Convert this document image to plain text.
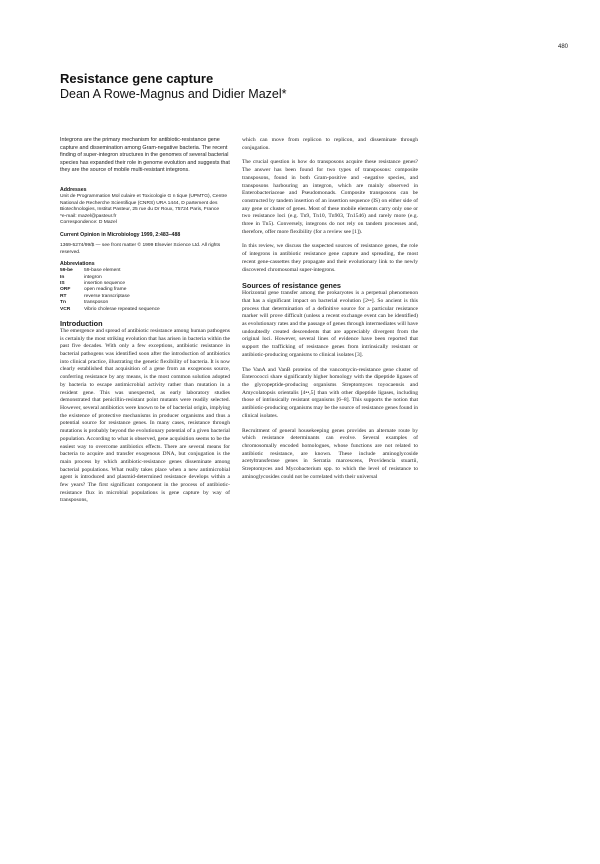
480
Resistance gene capture

Dean A Rowe-Magnus and Didier Mazel*

Integrons are the primary mechanism for antibiotic-resistance gene capture and dissemination among Gram-negative bacteria. The recent finding of super-integron structures in the genomes of several bacterial species has expanded their role in genome evolution and suggests that they are the source of mobile multi-resistant integrons.

Addresses

Unit de Programmation Mol culaire et Toxicologie G n tique (UPMTG), Centre National de Recherche Scientifique (CNRS) URA 1444, D partement des Biotechnologies, Institut Pasteur, 25 rue du Dr Roux, 75724 Paris, France

*e-mail: mazel@pasteur.fr

Correspondence: D Mazel

Current Opinion in Microbiology 1999, 2:483–488

1369-5274/99/$ — see front matter © 1999 Elsevier Science Ltd. All rights reserved.

Abbreviations

59-be	59-base element
In	integron
IS	insertion sequence
ORF	open reading frame
RT	reverse transcriptase
Tn	transposon
VCR	Vibrio cholerae repeated sequence
Introduction

The emergence and spread of antibiotic resistance among human pathogens is certainly the most striking evolution that has arisen in bacteria within the past five decades. With only a few exceptions, antibiotic resistance in bacterial pathogens was identified soon after the introduction of antibiotics into clinical practice, illustrating the genetic flexibility of bacteria. It is now clearly established that acquisition of a gene from an exogenous source, conferring resistance by any means, is the most common solution adopted by bacteria to escape antimicrobial activity rather than mutation in a resident gene. This was unexpected, as early laboratory studies demonstrated that penicillin-resistant point mutants were readily selected. However, several antibiotics were known to be of bacterial origin, implying the existence of protective mechanisms in producer organisms and thus a potential source for resistance genes. In many cases, resistance through mutations is probably beyond the evolutionary potential of a given bacterial population. According to what is observed, gene acquisition seems to be the easiest way to overcome antibiotics effects. There are several means for bacteria to acquire and transfer exogenous DNA, but conjugation is the main process by which antibiotic-resistance genes disseminate among bacterial populations. What really takes place when a new antimicrobial agent is introduced and plasmid-determined resistance develops within a few years? The first significant component in the process of antibiotic-resistance flux in microbial populations is gene capture by way of transposons,

which can move from replicon to replicon, and disseminate through conjugation.

The crucial question is how do transposons acquire these resistance genes? The answer has been found for two types of transposons: composite transposons, found in both Gram-positive and -negative species, and transposons harbouring an integron, which are mainly observed in Enterobacteriaceae and Pseudomonads. Composite transposons can be constructed by tandem insertion of an insertion sequence (IS) on either side of any gene or cluster of genes. Most of these mobile elements carry only one or two resistance loci (e.g. Tn9, Tn10, Tn903, Tn1546) and rarely more (e.g. three in Tn5). Conversely, integrons do not rely on tandem processes and, therefore, offer more flexibility (for a review see [1]).

In this review, we discuss the suspected sources of resistance genes, the role of integrons in antibiotic resistance gene capture and spreading, the most recent gene-cassettes they propagate and their evolutionary link to the newly discovered chromosomal super-integrons.

Sources of resistance genes

Horizontal gene transfer among the prokaryotes is a perpetual phenomenon that has a significant impact on bacterial evolution [2••]. So ancient is this process that determination of a definitive source for a particular resistance marker will prove difficult (unless a recent exchange event can be identified) as evolutionary rates and the passage of genes through intermediates will have undoubtedly created descendents that are appreciably divergent from the original loci. However, several lines of evidence have been reported that support the trafficking of resistance genes from intrinsically resistant or antibiotic-producing organisms to clinical isolates [3].

The VanA and VanB proteins of the vancomycin-resistance gene cluster of Enterococci share significantly higher homology with the dipeptide ligases of the glycopeptide-producing organisms Streptomyces toyocaensis and Amycolatopsis orientalis [4••,5] than with other dipeptide ligases, including those of intrinsically resistant organisms [6–8]. This supports the notion that antibiotic-producing organisms may be the source of resistance genes found in clinical isolates.

Recruitment of general housekeeping genes provides an alternate route by which resistance determinants can evolve. Several examples of chromosomally encoded homologues, whose functions are not related to antibiotic resistance, are known. These include aminoglycoside acetyltransferase genes in Serratia marcescens, Providencia stuartii, Streptomyces and Mycobacterium spp. to which the level of resistance to aminoglycosides could not be correlated with their universal
